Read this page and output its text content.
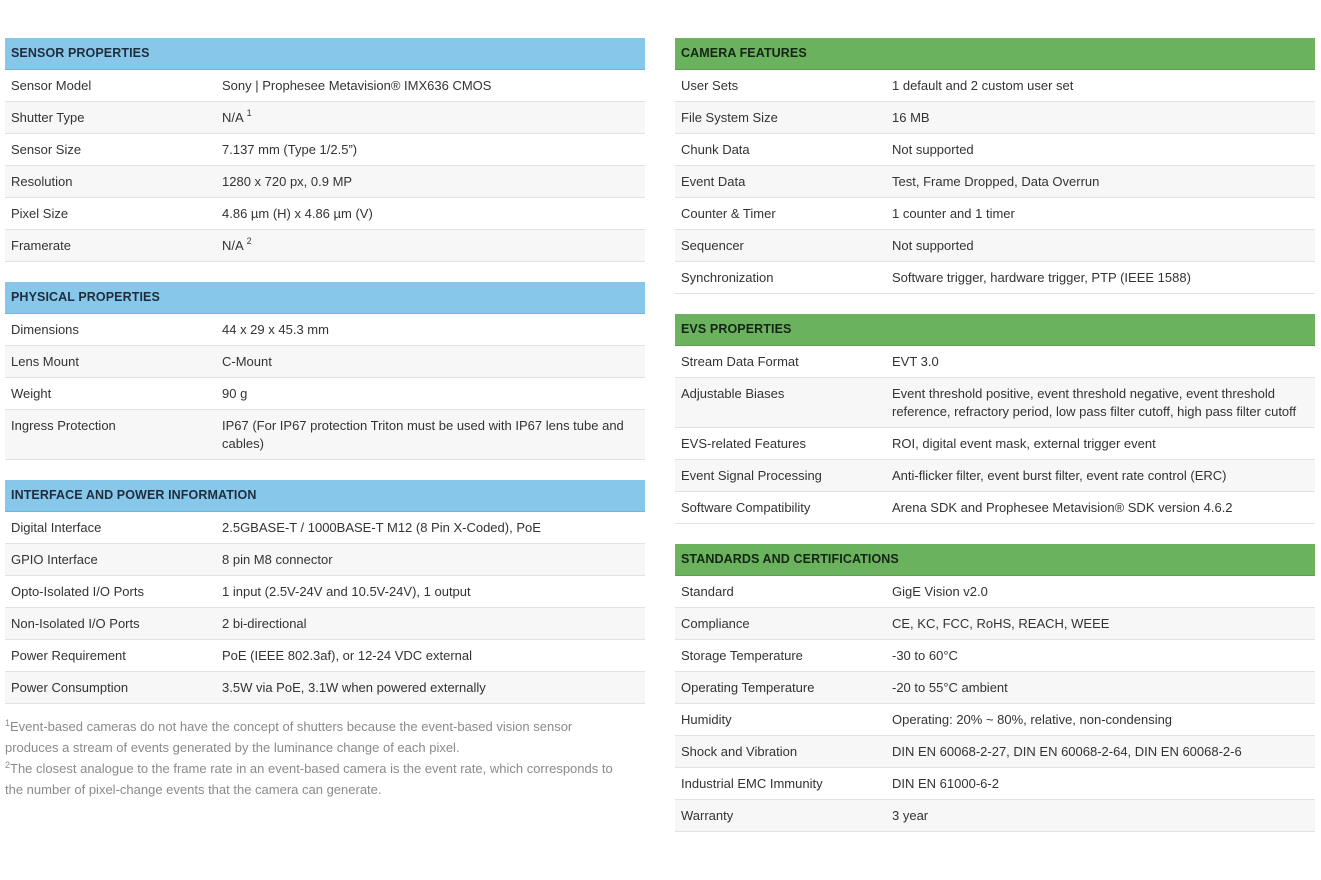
SENSOR PROPERTIES
Sensor Model	Sony | Prophesee Metavision® IMX636 CMOS
Shutter Type	N/A $^1$
Sensor Size	7.137 mm (Type 1/2.5”)
Resolution	1280 x 720 px, 0.9 MP
Pixel Size	4.86 µm (H) x 4.86 µm (V)
Framerate	N/A $^2$
PHYSICAL PROPERTIES
Dimensions	44 x 29 x 45.3 mm
Lens Mount	C-Mount
Weight	90 g
Ingress Protection	IP67 (For IP67 protection Triton must be used with IP67 lens tube and cables)
INTERFACE AND POWER INFORMATION
Digital Interface	2.5GBASE-T / 1000BASE-T M12 (8 Pin X-Coded), PoE
GPIO Interface	8 pin M8 connector
Opto-Isolated I/O Ports	1 input (2.5V-24V and 10.5V-24V), 1 output
Non-Isolated I/O Ports	2 bi-directional
Power Requirement	PoE (IEEE 802.3af), or 12-24 VDC external
Power Consumption	3.5W via PoE, 3.1W when powered externally
CAMERA FEATURES
User Sets	1 default and 2 custom user set
File System Size	16 MB
Chunk Data	Not supported
Event Data	Test, Frame Dropped, Data Overrun
Counter & Timer	1 counter and 1 timer
Sequencer	Not supported
Synchronization	Software trigger, hardware trigger, PTP (IEEE 1588)
EVS PROPERTIES
Stream Data Format	EVT 3.0
Adjustable Biases	Event threshold positive, event threshold negative, event threshold reference, refractory period, low pass filter cutoff, high pass filter cutoff
EVS-related Features	ROI, digital event mask, external trigger event
Event Signal Processing	Anti-flicker filter, event burst filter, event rate control (ERC)
Software Compatibility	Arena SDK and Prophesee Metavision® SDK version 4.6.2
STANDARDS AND CERTIFICATIONS
Standard	GigE Vision v2.0
Compliance	CE, KC, FCC, RoHS, REACH, WEEE
Storage Temperature	-30 to 60°C
Operating Temperature	-20 to 55°C ambient
Humidity	Operating: 20% ~ 80%, relative, non-condensing
Shock and Vibration	DIN EN 60068-2-27, DIN EN 60068-2-64, DIN EN 60068-2-6
Industrial EMC Immunity	DIN EN 61000-6-2
Warranty	3 year
$^1$Event-based cameras do not have the concept of shutters because the event-based vision sensor produces a stream of events generated by the luminance change of each pixel.
$^2$The closest analogue to the frame rate in an event-based camera is the event rate, which corresponds to the number of pixel-change events that the camera can generate.
